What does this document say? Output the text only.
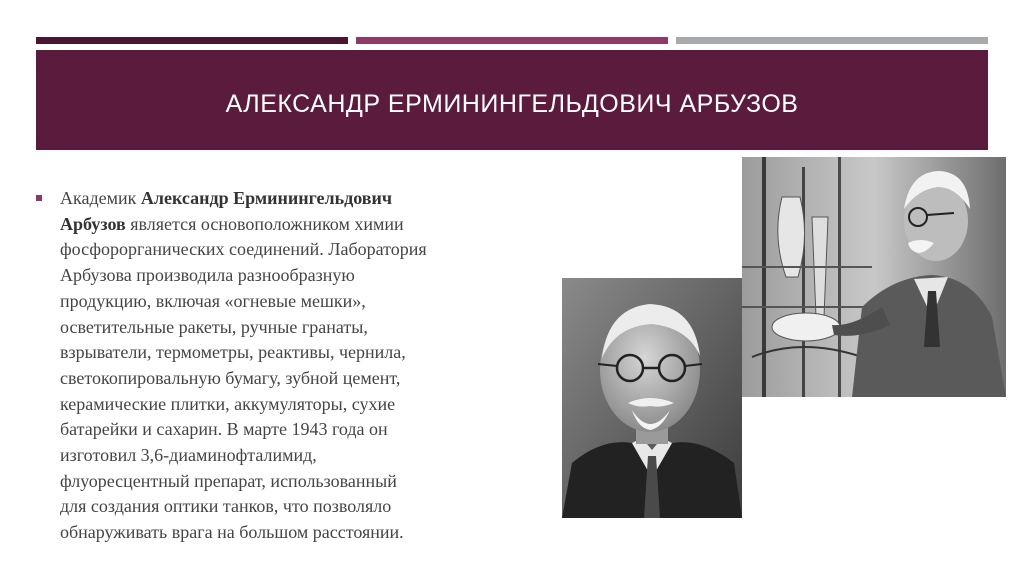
АЛЕКСАНДР ЕРМИНИНГЕЛЬДОВИЧ АРБУЗОВ

Академик Александр Ерминингельдович
Арбузов является основоположником химии
фосфорорганических соединений. Лаборатория
Арбузова производила разнообразную
продукцию, включая «огневые мешки»,
осветительные ракеты, ручные гранаты,
взрыватели, термометры, реактивы, чернила,
светокопировальную бумагу, зубной цемент,
керамические плитки, аккумуляторы, сухие
батарейки и сахарин. В марте 1943 года он
изготовил 3,6-диаминофталимид,
флуоресцентный препарат, использованный
для создания оптики танков, что позволяло
обнаруживать врага на большом расстоянии.
